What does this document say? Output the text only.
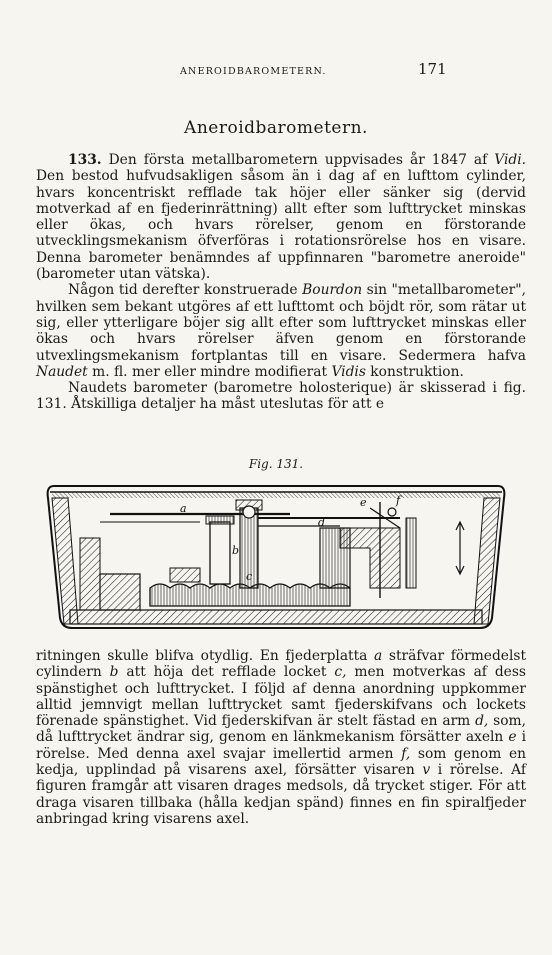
ANEROIDBAROMETERN.	171
Aneroidbarometern.

133. Den första metallbarometern uppvisades år 1847 af Vidi. Den bestod hufvudsakligen såsom än i dag af en lufttom cylinder, hvars koncentriskt refflade tak höjer eller sänker sig (dervid motverkad af en fjederinrättning) allt efter som lufttrycket minskas eller ökas, och hvars rörelser, genom en förstorande utvecklingsmekanism öfverföras i rotationsrörelse hos en visare. Denna barometer benämndes af uppfinnaren "barometre aneroide" (barometer utan vätska).

Någon tid derefter konstruerade Bourdon sin "metallbarometer", hvilken sem bekant utgöres af ett lufttomt och böjdt rör, som rätar ut sig, eller ytterligare böjer sig allt efter som lufttrycket minskas eller ökas och hvars rörelser äfven genom en förstorande utvexlingsmekanism fortplantas till en visare. Sedermera hafva Naudet m. fl. mer eller mindre modifierat Vidis konstruktion.

Naudets barometer (barometre holosterique) är skisserad i fig. 131. Åtskilliga detaljer ha måst uteslutas för att e

Fig. 131.
a
b
c
d
e	f

ritningen skulle blifva otydlig. En fjederplatta a sträfvar förmedelst cylindern b att höja det refflade locket c, men motverkas af dess spänstighet och lufttrycket. I följd af denna anordning uppkommer alltid jemnvigt mellan lufttrycket samt fjederskifvans och lockets förenade spänstighet. Vid fjederskifvan är stelt fästad en arm d, som, då lufttrycket ändrar sig, genom en länkmekanism försätter axeln e i rörelse. Med denna axel svajar imellertid armen f, som genom en kedja, upplindad på visarens axel, försätter visaren v i rörelse. Af figuren framgår att visaren drages medsols, då trycket stiger. För att draga visaren tillbaka (hålla kedjan spänd) finnes en fin spiralfjeder anbringad kring visarens axel.
